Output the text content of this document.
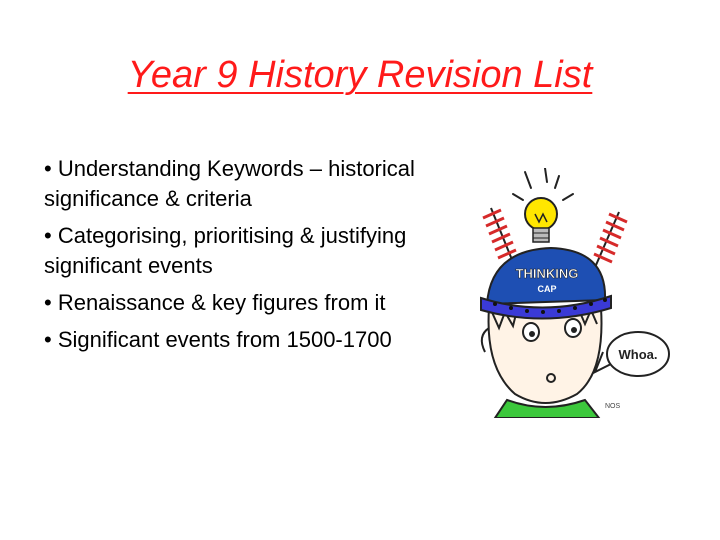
Year 9 History Revision List
• Understanding Keywords – historical significance & criteria
• Categorising, prioritising & justifying significant events
• Renaissance & key figures from it
• Significant events from 1500-1700
THINKING
CAP
Whoa.
NOS
